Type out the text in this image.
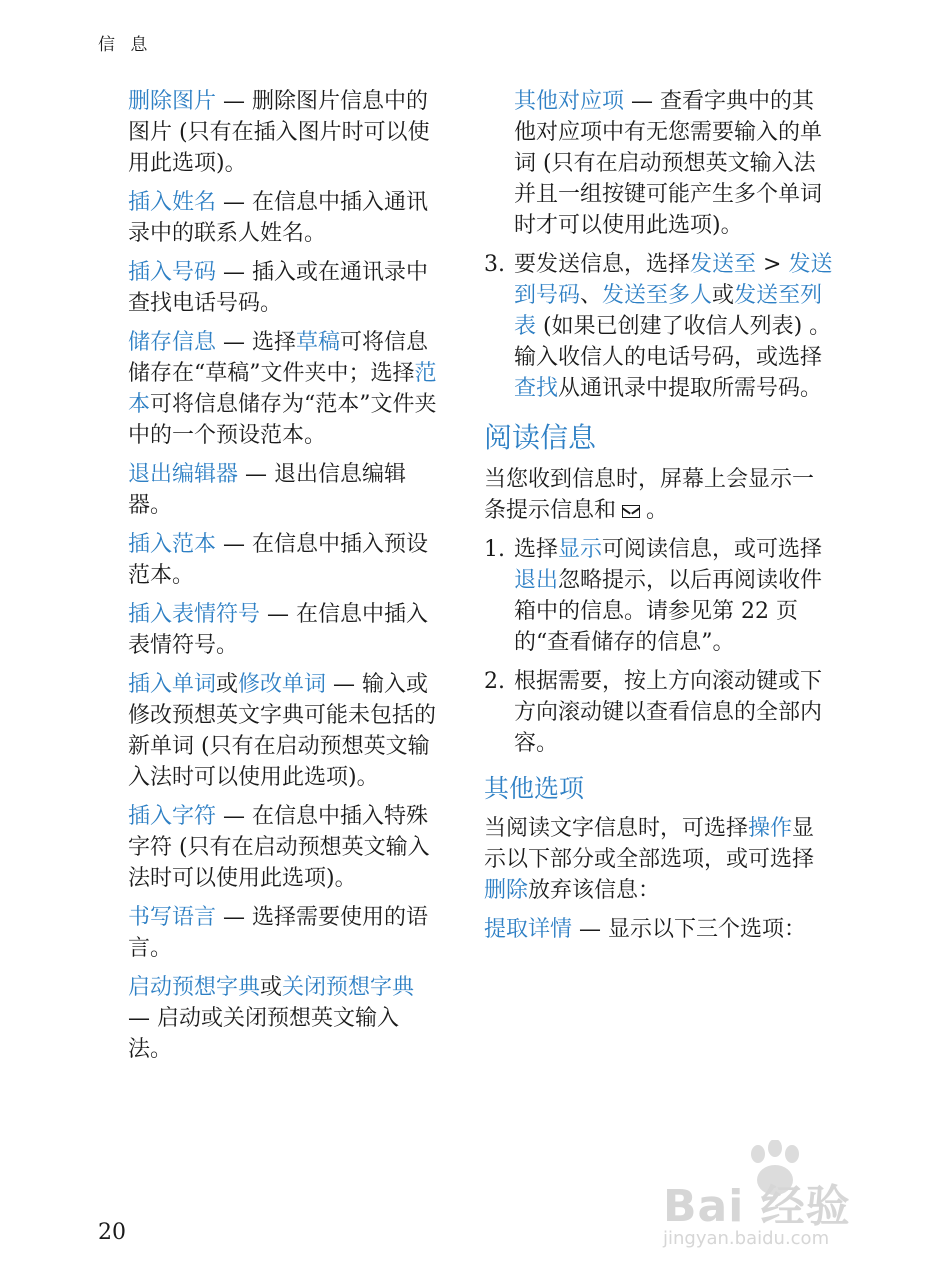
信 息

删除图片 — 删除图片信息中的图片 (只有在插入图片时可以使用此选项)。

插入姓名 — 在信息中插入通讯录中的联系人姓名。

插入号码 — 插入或在通讯录中查找电话号码。

储存信息 — 选择草稿可将信息储存在“草稿”文件夹中；选择范本可将信息储存为“范本”文件夹中的一个预设范本。

退出编辑器 — 退出信息编辑器。

插入范本 — 在信息中插入预设范本。

插入表情符号 — 在信息中插入表情符号。

插入单词或修改单词 — 输入或修改预想英文字典可能未包括的新单词 (只有在启动预想英文输入法时可以使用此选项)。

插入字符 — 在信息中插入特殊字符 (只有在启动预想英文输入法时可以使用此选项)。

书写语言 — 选择需要使用的语言。

启动预想字典或关闭预想字典 — 启动或关闭预想英文输入法。

其他对应项 — 查看字典中的其他对应项中有无您需要输入的单词 (只有在启动预想英文输入法并且一组按键可能产生多个单词时才可以使用此选项)。

3. 要发送信息，选择发送至 > 发送到号码、发送至多人或发送至列表 (如果已创建了收信人列表) 。输入收信人的电话号码，或选择查找从通讯录中提取所需号码。
阅读信息

当您收到信息时，屏幕上会显示一条提示信息和 。

1. 选择显示可阅读信息，或可选择退出忽略提示，以后再阅读收件箱中的信息。请参见第 22 页的“查看储存的信息”。
2. 根据需要，按上方向滚动键或下方向滚动键以查看信息的全部内容。
其他选项

当阅读文字信息时，可选择操作显示以下部分或全部选项，或可选择删除放弃该信息：

提取详情 — 显示以下三个选项：

20
Bai 经验
jingyan.baidu.com
